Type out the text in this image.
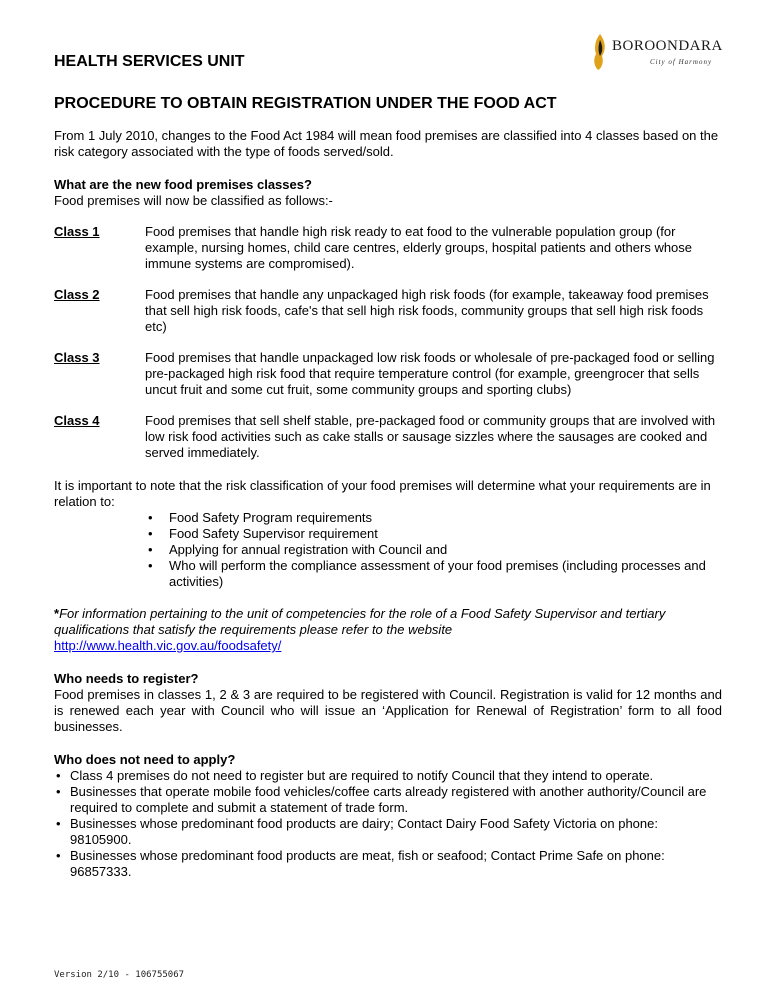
HEALTH SERVICES UNIT
BOROONDARA
City of Harmony
PROCEDURE TO OBTAIN REGISTRATION UNDER THE FOOD ACT

From 1 July 2010, changes to the Food Act 1984 will mean food premises are classified into 4 classes based on the risk category associated with the type of foods served/sold.

What are the new food premises classes?

Food premises will now be classified as follows:-

Class 1	Food premises that handle high risk ready to eat food to the vulnerable population group (for example, nursing homes, child care centres, elderly groups, hospital patients and others whose immune systems are compromised).
Class 2	Food premises that handle any unpackaged high risk foods (for example, takeaway food premises that sell high risk foods, cafe's that sell high risk foods, community groups that sell high risk foods etc)
Class 3	Food premises that handle unpackaged low risk foods or wholesale of pre-packaged food or selling pre-packaged high risk food that require temperature control (for example, greengrocer that sells uncut fruit and some cut fruit, some community groups and sporting clubs)
Class 4	Food premises that sell shelf stable, pre-packaged food or community groups that are involved with low risk food activities such as cake stalls or sausage sizzles where the sausages are cooked and served immediately.

It is important to note that the risk classification of your food premises will determine what your requirements are in relation to:

• Food Safety Program requirements
• Food Safety Supervisor requirement
• Applying for annual registration with Council and
• Who will perform the compliance assessment of your food premises (including processes and activities)

*For information pertaining to the unit of competencies for the role of a Food Safety Supervisor and tertiary qualifications that satisfy the requirements please refer to the website
http://www.health.vic.gov.au/foodsafety/

Who needs to register?

Food premises in classes 1, 2 & 3 are required to be registered with Council. Registration is valid for 12 months and is renewed each year with Council who will issue an ‘Application for Renewal of Registration’ form to all food businesses.

Who does not need to apply?

• Class 4 premises do not need to register but are required to notify Council that they intend to operate.
• Businesses that operate mobile food vehicles/coffee carts already registered with another authority/Council are required to complete and submit a statement of trade form.
• Businesses whose predominant food products are dairy; Contact Dairy Food Safety Victoria on phone: 98105900.
• Businesses whose predominant food products are meat, fish or seafood; Contact Prime Safe on phone: 96857333.
Version 2/10 - 106755067
